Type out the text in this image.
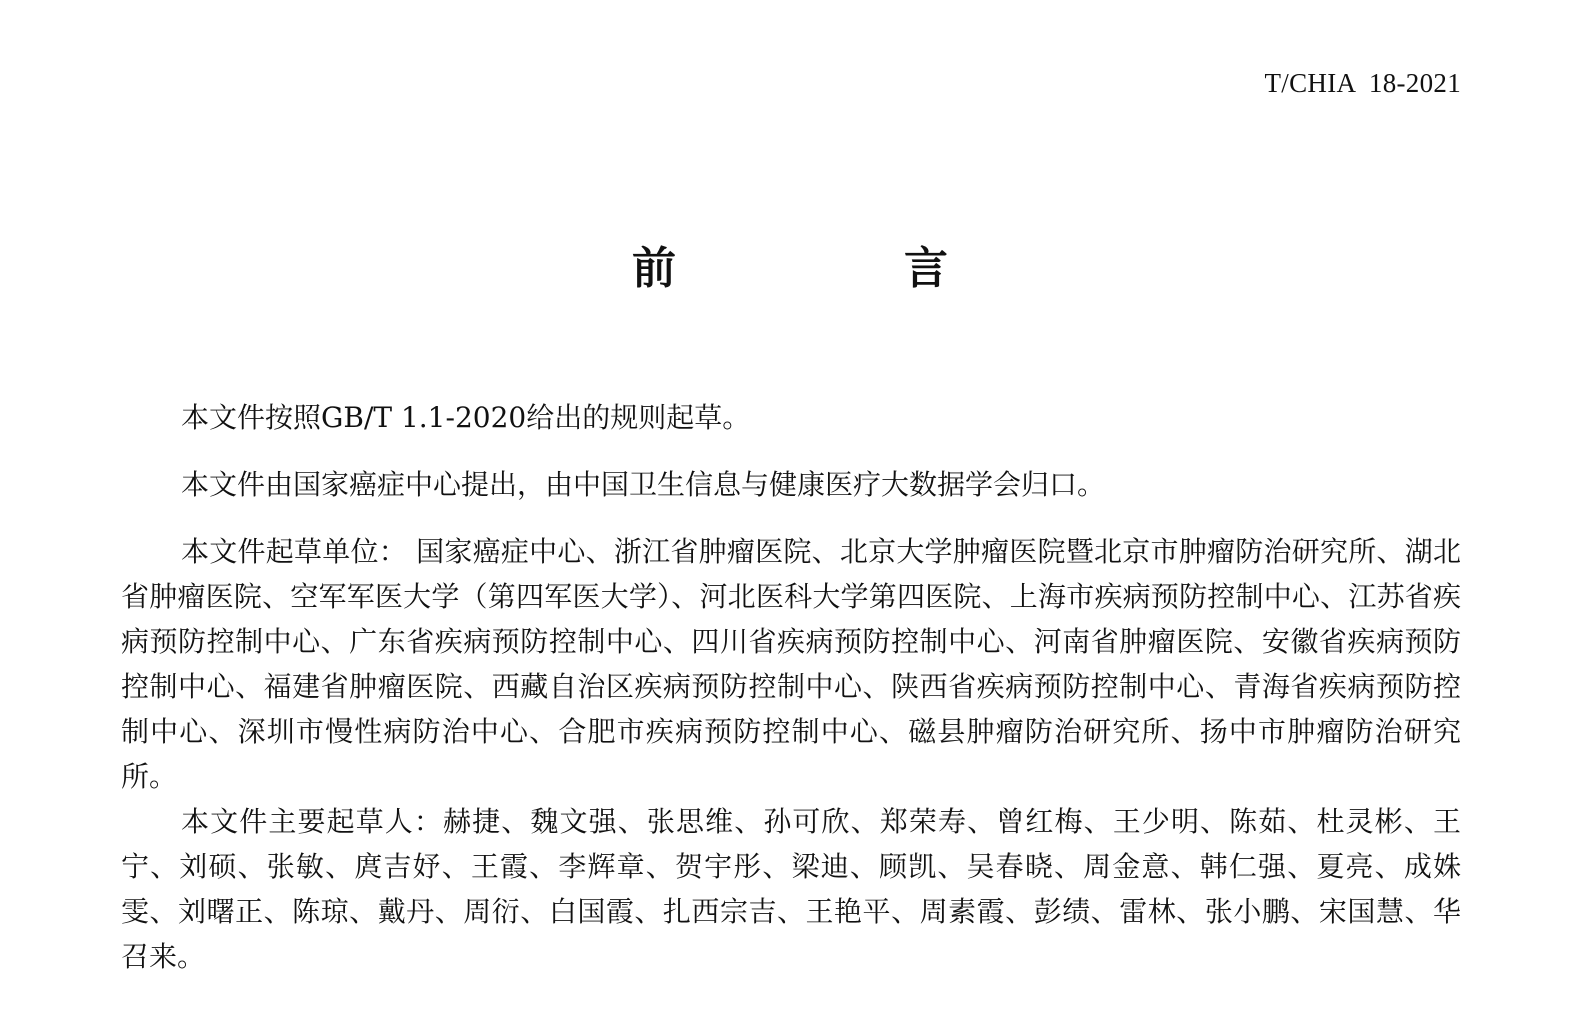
T/CHIA  18-2021
前　言

本文件按照GB/T 1.1-2020给出的规则起草。

本文件由国家癌症中心提出，由中国卫生信息与健康医疗大数据学会归口。

本文件起草单位： 国家癌症中心、浙江省肿瘤医院、北京大学肿瘤医院暨北京市肿瘤防治研究所、湖北省肿瘤医院、空军军医大学（第四军医大学）、河北医科大学第四医院、上海市疾病预防控制中心、江苏省疾病预防控制中心、广东省疾病预防控制中心、四川省疾病预防控制中心、河南省肿瘤医院、安徽省疾病预防控制中心、福建省肿瘤医院、西藏自治区疾病预防控制中心、陕西省疾病预防控制中心、青海省疾病预防控制中心、深圳市慢性病防治中心、合肥市疾病预防控制中心、磁县肿瘤防治研究所、扬中市肿瘤防治研究所。

本文件主要起草人：赫捷、魏文强、张思维、孙可欣、郑荣寿、曾红梅、王少明、陈茹、杜灵彬、王宁、刘硕、张敏、庹吉妤、王霞、李辉章、贺宇彤、梁迪、顾凯、吴春晓、周金意、韩仁强、夏亮、成姝雯、刘曙正、陈琼、戴丹、周衍、白国霞、扎西宗吉、王艳平、周素霞、彭绩、雷林、张小鹏、宋国慧、华召来。
